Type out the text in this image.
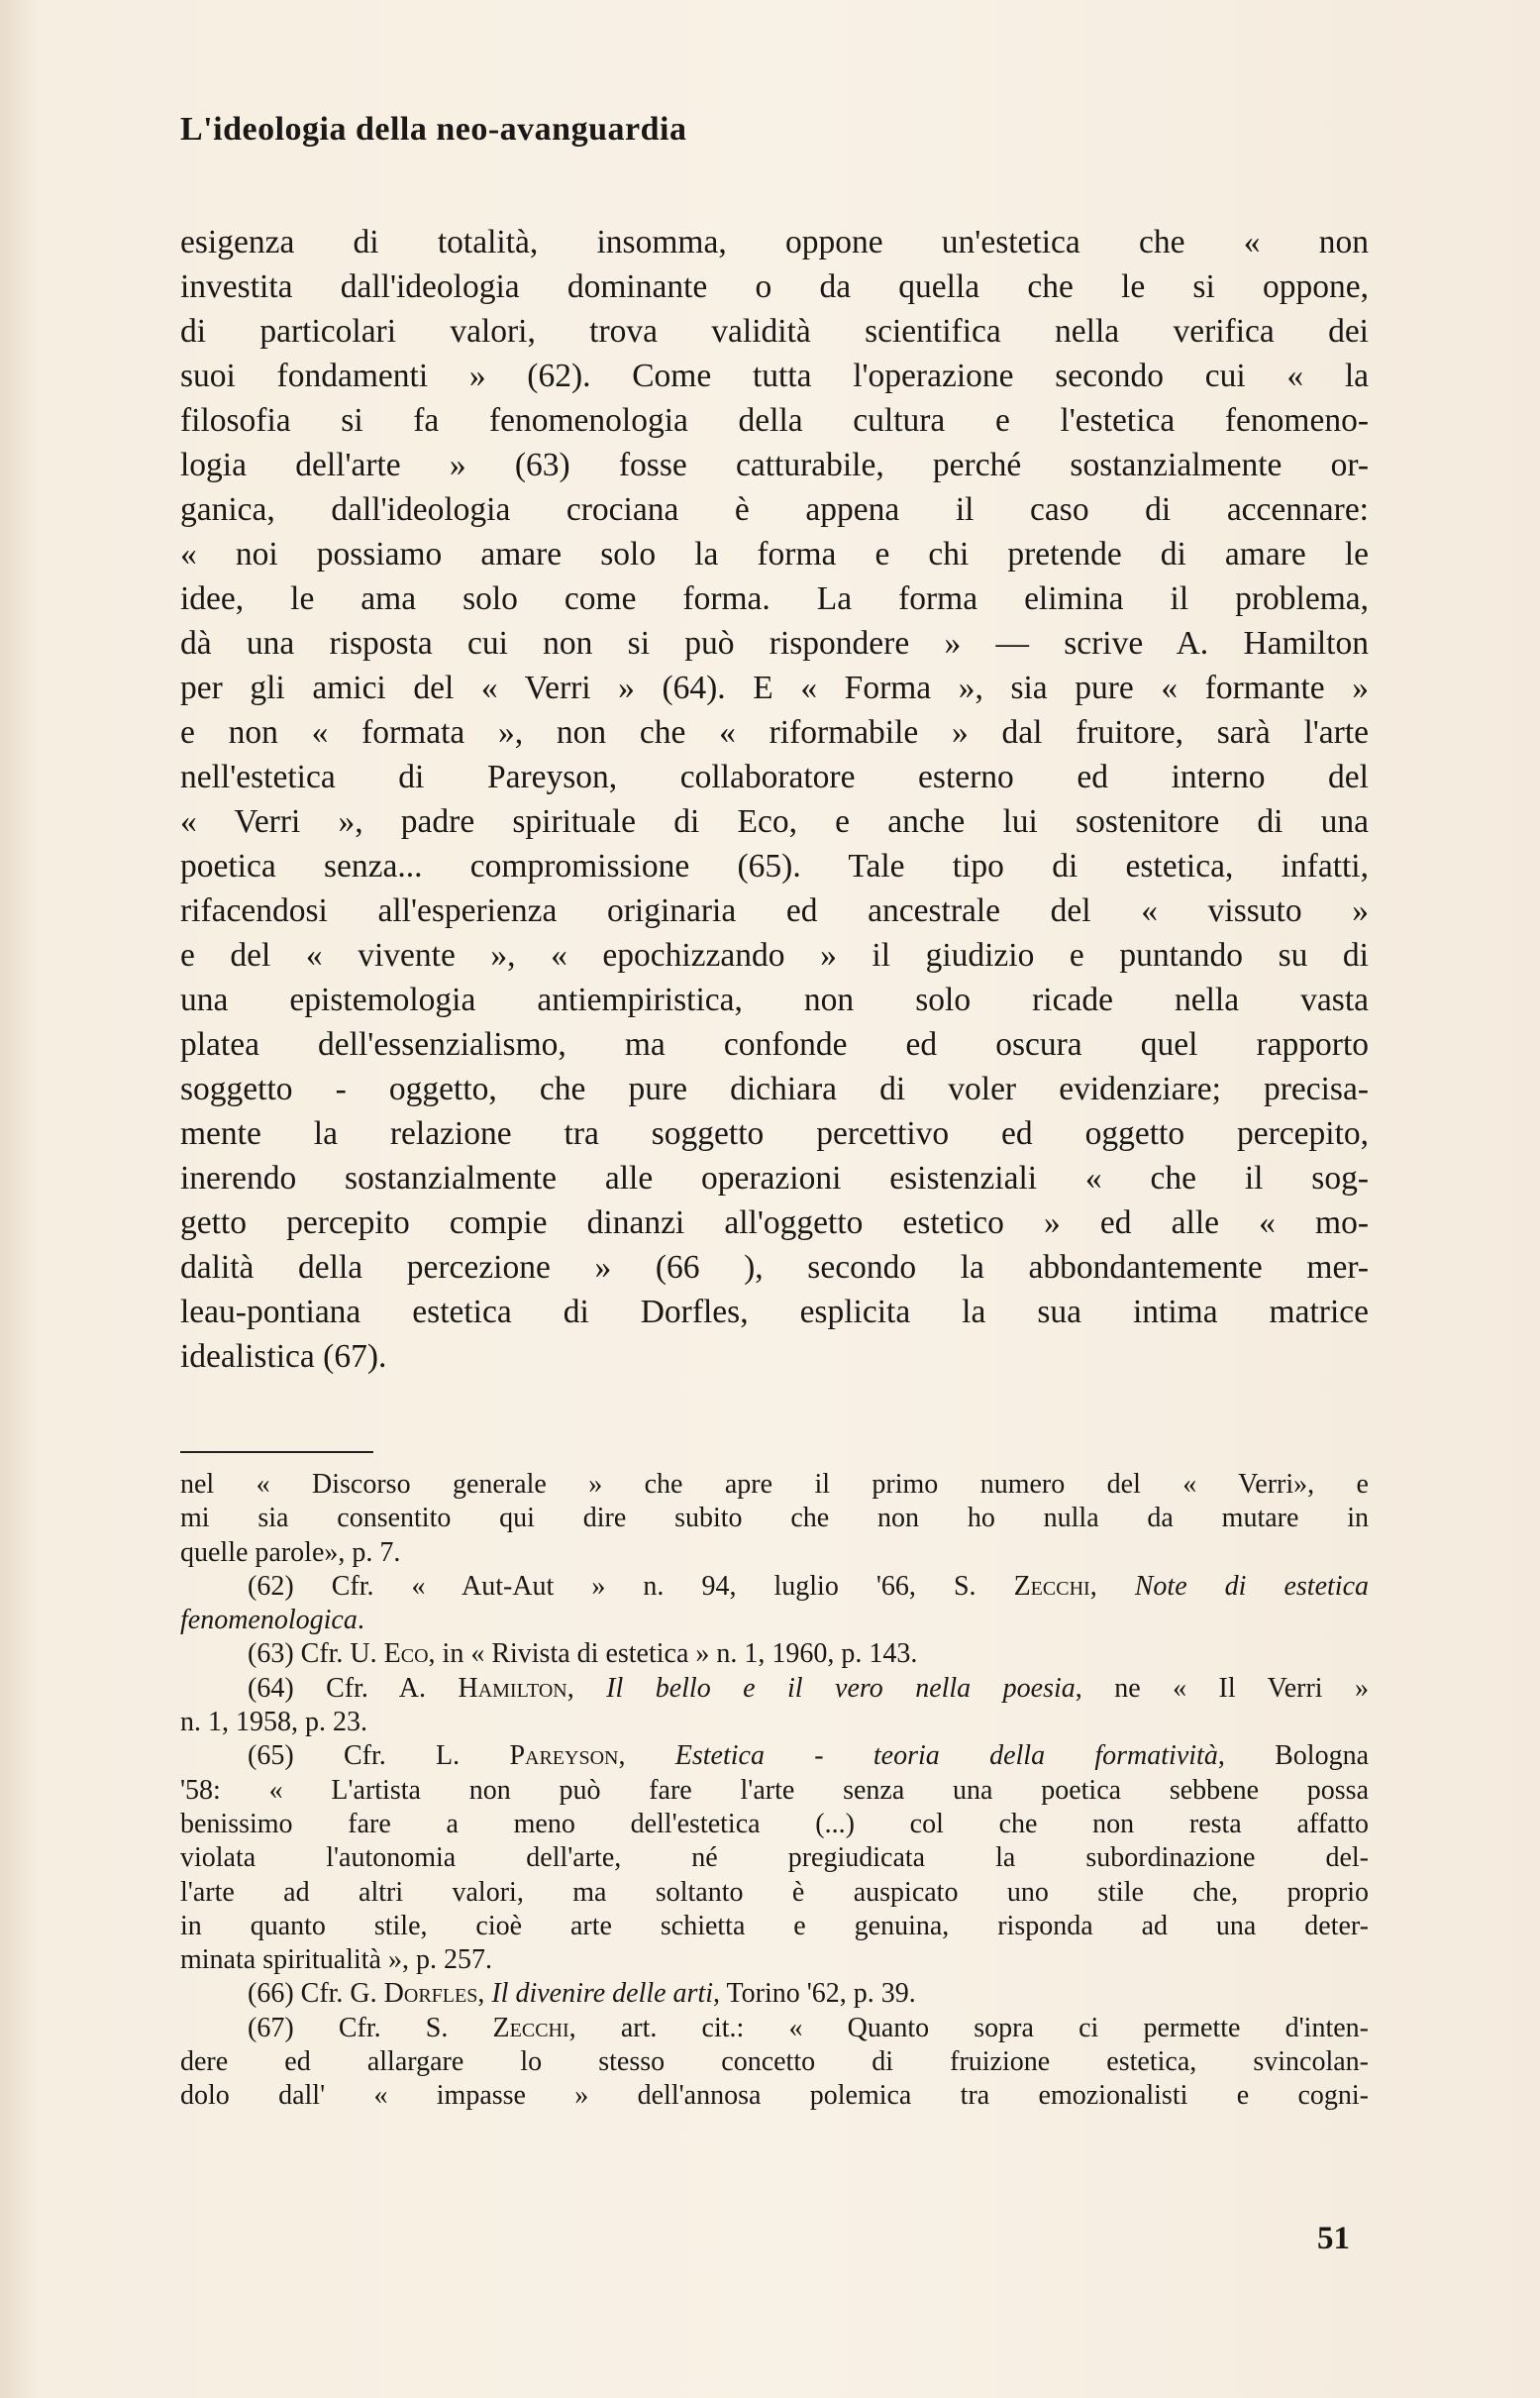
L'ideologia della neo-avanguardia
esigenza di totalità, insomma, oppone un'estetica che « non
investita dall'ideologia dominante o da quella che le si oppone,
di particolari valori, trova validità scientifica nella verifica dei
suoi fondamenti » (62). Come tutta l'operazione secondo cui « la
filosofia si fa fenomenologia della cultura e l'estetica fenomeno-
logia dell'arte » (63) fosse catturabile, perché sostanzialmente or-
ganica, dall'ideologia crociana è appena il caso di accennare:
« noi possiamo amare solo la forma e chi pretende di amare le
idee, le ama solo come forma. La forma elimina il problema,
dà una risposta cui non si può rispondere » — scrive A. Hamilton
per gli amici del « Verri » (64). E « Forma », sia pure « formante »
e non « formata », non che « riformabile » dal fruitore, sarà l'arte
nell'estetica di Pareyson, collaboratore esterno ed interno del
« Verri », padre spirituale di Eco, e anche lui sostenitore di una
poetica senza... compromissione (65). Tale tipo di estetica, infatti,
rifacendosi all'esperienza originaria ed ancestrale del « vissuto »
e del « vivente », « epochizzando » il giudizio e puntando su di
una epistemologia antiempiristica, non solo ricade nella vasta
platea dell'essenzialismo, ma confonde ed oscura quel rapporto
soggetto - oggetto, che pure dichiara di voler evidenziare; precisa-
mente la relazione tra soggetto percettivo ed oggetto percepito,
inerendo sostanzialmente alle operazioni esistenziali « che il sog-
getto percepito compie dinanzi all'oggetto estetico » ed alle « mo-
dalità della percezione » (66 ), secondo la abbondantemente mer-
leau-pontiana estetica di Dorfles, esplicita la sua intima matrice
idealistica (67).
nel « Discorso generale » che apre il primo numero del « Verri», e
mi sia consentito qui dire subito che non ho nulla da mutare in
quelle parole», p. 7.
(62) Cfr. « Aut-Aut » n. 94, luglio '66, S. Zecchi, Note di estetica
fenomenologica.
(63) Cfr. U. Eco, in « Rivista di estetica » n. 1, 1960, p. 143.
(64) Cfr. A. Hamilton, Il bello e il vero nella poesia, ne « Il Verri »
n. 1, 1958, p. 23.
(65) Cfr. L. Pareyson, Estetica - teoria della formatività, Bologna
'58: « L'artista non può fare l'arte senza una poetica sebbene possa
benissimo fare a meno dell'estetica (...) col che non resta affatto
violata l'autonomia dell'arte, né pregiudicata la subordinazione del-
l'arte ad altri valori, ma soltanto è auspicato uno stile che, proprio
in quanto stile, cioè arte schietta e genuina, risponda ad una deter-
minata spiritualità », p. 257.
(66) Cfr. G. Dorfles, Il divenire delle arti, Torino '62, p. 39.
(67) Cfr. S. Zecchi, art. cit.: « Quanto sopra ci permette d'inten-
dere ed allargare lo stesso concetto di fruizione estetica, svincolan-
dolo dall' « impasse » dell'annosa polemica tra emozionalisti e cogni-
51
